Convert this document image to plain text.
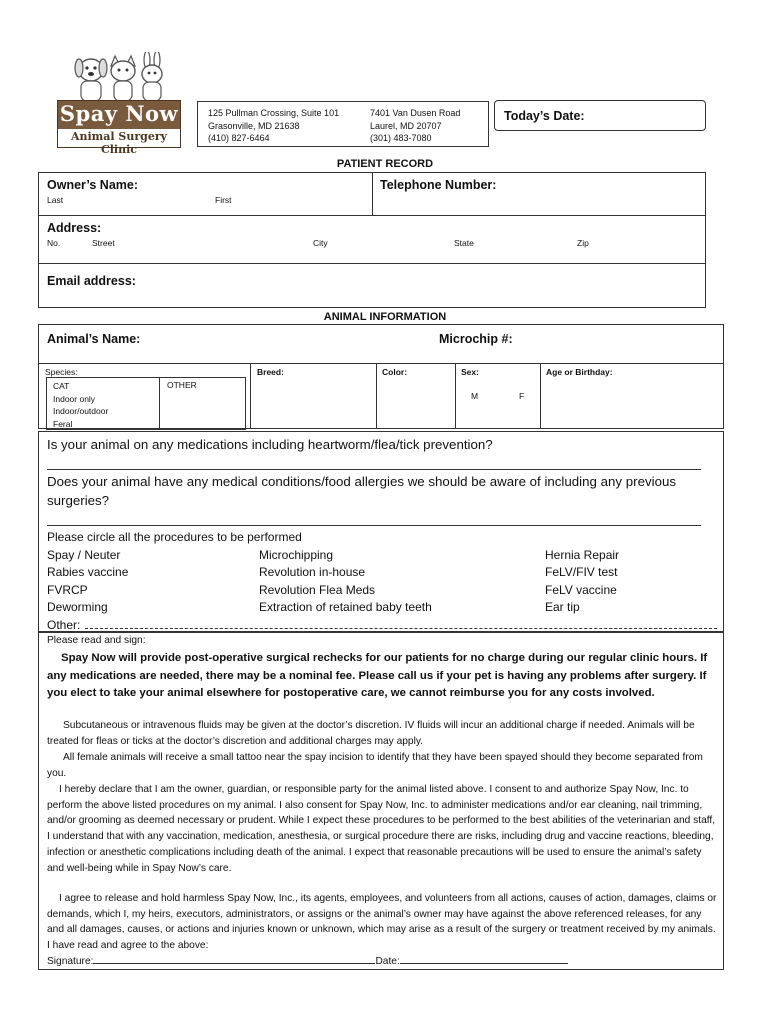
Spay Now
Animal Surgery Clinic
125 Pullman Crossing, Suite 101
Grasonville, MD 21638
(410) 827-6464
7401 Van Dusen Road
Laurel, MD 20707
(301) 483-7080
Today’s Date:
PATIENT RECORD
Owner’s Name:
Last	First
Telephone Number:
Address:
No.	Street	City	State	Zip
Email address:
ANIMAL INFORMATION
Animal’s Name:	Microchip #:
Species:
CAT
Indoor only
Indoor/outdoor
Feral
OTHER
Breed:	Color:	Sex:
M	F
Age or Birthday:
Is your animal on any medications including heartworm/flea/tick prevention?
Does your animal have any medical conditions/food allergies we should be aware of including any previous surgeries?
Please circle all the procedures to be performed
Spay / Neuter
Rabies vaccine
FVRCP
Deworming
Other:
Microchipping
Revolution in-house
Revolution Flea Meds
Extraction of retained baby teeth
Hernia Repair
FeLV/FIV test
FeLV vaccine
Ear tip
Please read and sign:
Spay Now will provide post-operative surgical rechecks for our patients for no charge during our regular clinic hours. If any medications are needed, there may be a nominal fee. Please call us if your pet is having any problems after surgery. If you elect to take your animal elsewhere for postoperative care, we cannot reimburse you for any costs involved.
Subcutaneous or intravenous fluids may be given at the doctor’s discretion. IV fluids will incur an additional charge if needed. Animals will be treated for fleas or ticks at the doctor’s discretion and additional charges may apply.
All female animals will receive a small tattoo near the spay incision to identify that they have been spayed should they become separated from you.
I hereby declare that I am the owner, guardian, or responsible party for the animal listed above. I consent to and authorize Spay Now, Inc. to perform the above listed procedures on my animal. I also consent for Spay Now, Inc. to administer medications and/or ear cleaning, nail trimming, and/or grooming as deemed necessary or prudent. While I expect these procedures to be performed to the best abilities of the veterinarian and staff, I understand that with any vaccination, medication, anesthesia, or surgical procedure there are risks, including drug and vaccine reactions, bleeding, infection or anesthetic complications including death of the animal. I expect that reasonable precautions will be used to ensure the animal’s safety and well-being while in Spay Now’s care.
I agree to release and hold harmless Spay Now, Inc., its agents, employees, and volunteers from all actions, causes of action, damages, claims or demands, which I, my heirs, executors, administrators, or assigns or the animal’s owner may have against the above referenced releases, for any and all damages, causes, or actions and injuries known or unknown, which may arise as a result of the surgery or treatment received by my animals. I have read and agree to the above:
Signature:	Date:
